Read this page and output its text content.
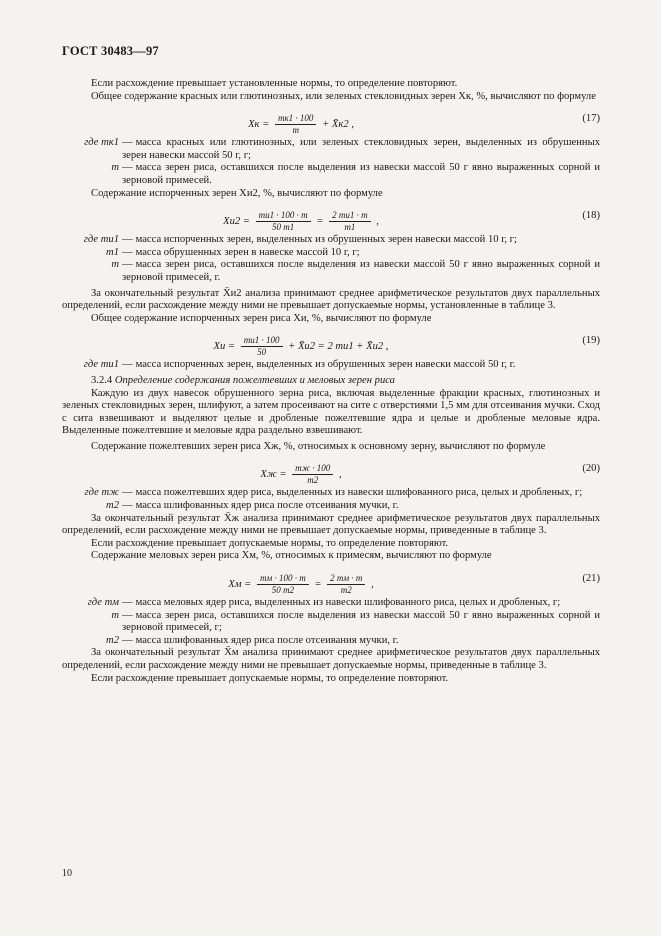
ГОСТ 30483—97
Если расхождение превышает установленные нормы, то определение повторяют.
Общее содержание красных или глютинозных, или зеленых стекловидных зерен Xк, %, вычисляют по формуле
Xк = $\frac{mк1 \cdot 100}{m}$ + X̄к2 ,
(17)
где mк1 — масса красных или глютинозных, или зеленых стекловидных зерен, выделенных из обрушенных зерен навески массой 50 г, г;
m — масса зерен риса, оставшихся после выделения из навески массой 50 г явно выраженных сорной и зерновой примесей.
Содержание испорченных зерен Xи2, %, вычисляют по формуле
$Xи2 = \frac{mи1 \cdot 100 \cdot m}{50 m1} = \frac{2 mи1 \cdot m}{m1}$ ,
(18)
где mи1 — масса испорченных зерен, выделенных из обрушенных зерен навески массой 10 г, г;
m1 — масса обрушенных зерен в навеске массой 10 г, г;
m — масса зерен риса, оставшихся после выделения из навески массой 50 г явно выраженных сорной и зерновой примесей, г.
За окончательный результат X̄и2 анализа принимают среднее арифметическое результатов двух параллельных определений, если расхождение между ними не превышает допускаемые нормы, установленные в таблице 3.
Общее содержание испорченных зерен риса Xи, %, вычисляют по формуле
Xи = $\frac{mи1 \cdot 100}{50}$ + X̄и2 = 2 mи1 + X̄и2 ,
(19)
где mи1 — масса испорченных зерен, выделенных из обрушенных зерен навески массой 50 г, г.
3.2.4 Определение содержания пожелтевших и меловых зерен риса
Каждую из двух навесок обрушенного зерна риса, включая выделенные фракции красных, глютинозных и зеленых стекловидных зерен, шлифуют, а затем просеивают на сите с отверстиями 1,5 мм для отсеивания мучки. Сход с сита взвешивают и выделяют целые и дробленые пожелтевшие ядра и целые и дробленые меловые ядра. Выделенные пожелтевшие и меловые ядра раздельно взвешивают.
Содержание пожелтевших зерен риса Xж, %, относимых к основному зерну, вычисляют по формуле
Xж = $\frac{mж \cdot 100}{m2}$ ,
(20)
где mж — масса пожелтевших ядер риса, выделенных из навески шлифованного риса, целых и дробленых, г;
m2 — масса шлифованных ядер риса после отсеивания мучки, г.
За окончательный результат X̄ж анализа принимают среднее арифметическое результатов двух параллельных определений, если расхождение между ними не превышает допускаемые нормы, приведенные в таблице 3.
Если расхождение превышает допускаемые нормы, то определение повторяют.
Содержание меловых зерен риса Xм, %, относимых к примесям, вычисляют по формуле
Xм = $\frac{mм \cdot 100 \cdot m}{50 m2} = \frac{2 mм \cdot m}{m2}$ ,
(21)
где mм — масса меловых ядер риса, выделенных из навески шлифованного риса, целых и дробленых, г;
m — масса зерен риса, оставшихся после выделения из навески массой 50 г явно выраженных сорной и зерновой примесей, г;
m2 — масса шлифованных ядер риса после отсеивания мучки, г.
За окончательный результат X̄м анализа принимают среднее арифметическое результатов двух параллельных определений, если расхождение между ними не превышает допускаемые нормы, приведенные в таблице 3.
Если расхождение превышает допускаемые нормы, то определение повторяют.
10
